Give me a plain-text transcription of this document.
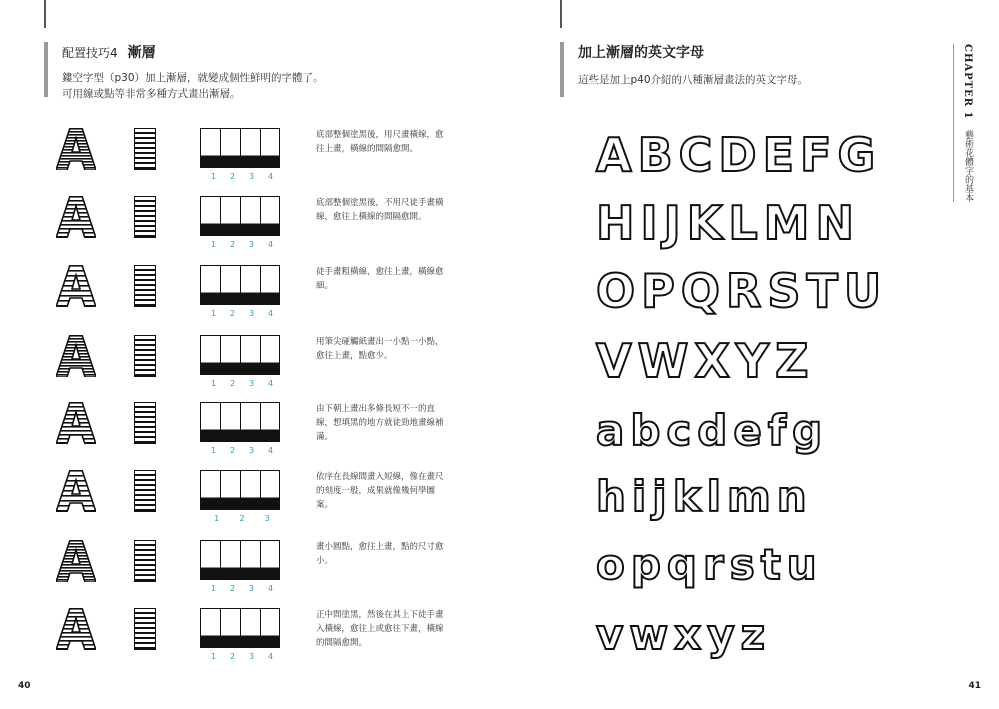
配置技巧4 漸層
鏤空字型（p30）加上漸層，就變成個性鮮明的字體了。
可用線或點等非常多種方式畫出漸層。
1 2 3 4
底部整個塗黑後，用尺畫橫線，愈往上畫，橫線的間隔愈開。
1 2 3 4
底部整個塗黑後，不用尺徒手畫橫線，愈往上橫線的間隔愈開。
1 2 3 4
徒手畫粗橫線，愈往上畫，橫線愈細。
1 2 3 4
用筆尖碰觸紙畫出一小點一小點，愈往上畫，點愈少。
1 2 3 4
由下朝上畫出多條長短不一的直線，想填黑的地方就徒勁地畫線補滿。
1	2	3
依序在長線間畫入短線，像在畫尺的刻度一般，成果就像幾何學圖案。
1 2 3 4
畫小圓點，愈往上畫，點的尺寸愈小。
1 2 3 4
正中間塗黑，然後在其上下徒手畫入橫線，愈往上或愈往下畫，橫線的間隔愈開。
40
加上漸層的英文字母
這些是加上p40介紹的八種漸層畫法的英文字母。
ABCDEFG
HIJKLMN
OPQRSTU
VWXYZ
abcdefg
hijklmn
opqrstu
vwxyz
CHAPTER 1
藝術花體字的基本
41
